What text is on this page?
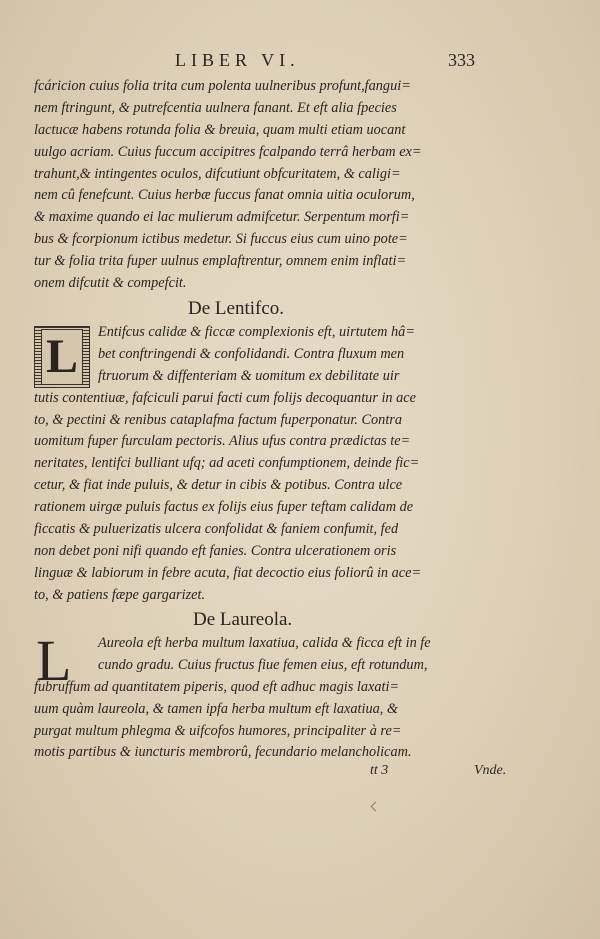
LIBER VI.	333
fcáricion cuius folia trita cum polenta uulneribus profunt,fangui=
nem ftringunt, & putrefcentia uulnera fanant. Et eft alia fpecies
lactucæ habens rotunda folia & breuia, quam multi etiam uocant
uulgo acriam. Cuius fuccum accipitres fcalpando terrâ herbam ex=
trahunt,& intingentes oculos, difcutiunt obfcuritatem, & caligi=
nem cû fenefcunt. Cuius herbæ fuccus fanat omnia uitia oculorum,
& maxime quando ei lac mulierum admifcetur. Serpentum morfi=
bus & fcorpionum ictibus medetur. Si fuccus eius cum uino pote=
tur & folia trita fuper uulnus emplaftrentur, omnem enim inflati=
onem difcutit & compefcit.
De Lentifco.
L	Entifcus calidæ & ficcæ complexionis eft, uirtutem hâ=
bet conftringendi & confolidandi. Contra fluxum men
ftruorum & diffenteriam & uomitum ex debilitate uir
tutis contentiuæ, fafciculi parui facti cum folijs decoquantur in ace
to, & pectini & renibus cataplafma factum fuperponatur. Contra
uomitum fuper furculam pectoris. Alius ufus contra prædictas te=
neritates, lentifci bulliant ufq; ad aceti confumptionem, deinde fic=
cetur, & fiat inde puluis, & detur in cibis & potibus. Contra ulce
rationem uirgæ puluis factus ex folijs eius fuper teftam calidam de
ficcatis & puluerizatis ulcera confolidat & faniem confumit, fed
non debet poni nifi quando eft fanies. Contra ulcerationem oris
linguæ & labiorum in febre acuta, fiat decoctio eius foliorû in ace=
to, & patiens fæpe gargarizet.
De Laureola.
L	Aureola eft herba multum laxatiua, calida & ficca eft in fe
cundo gradu. Cuius fructus fiue femen eius, eft rotundum,
fubruffum ad quantitatem piperis, quod eft adhuc magis laxati=
uum quàm laureola, & tamen ipfa herba multum eft laxatiua, &
purgat multum phlegma & uifcofos humores, principaliter à re=
motis partibus & iuncturis membrorû, fecundario melancholicam.
tt 3	Vnde.
